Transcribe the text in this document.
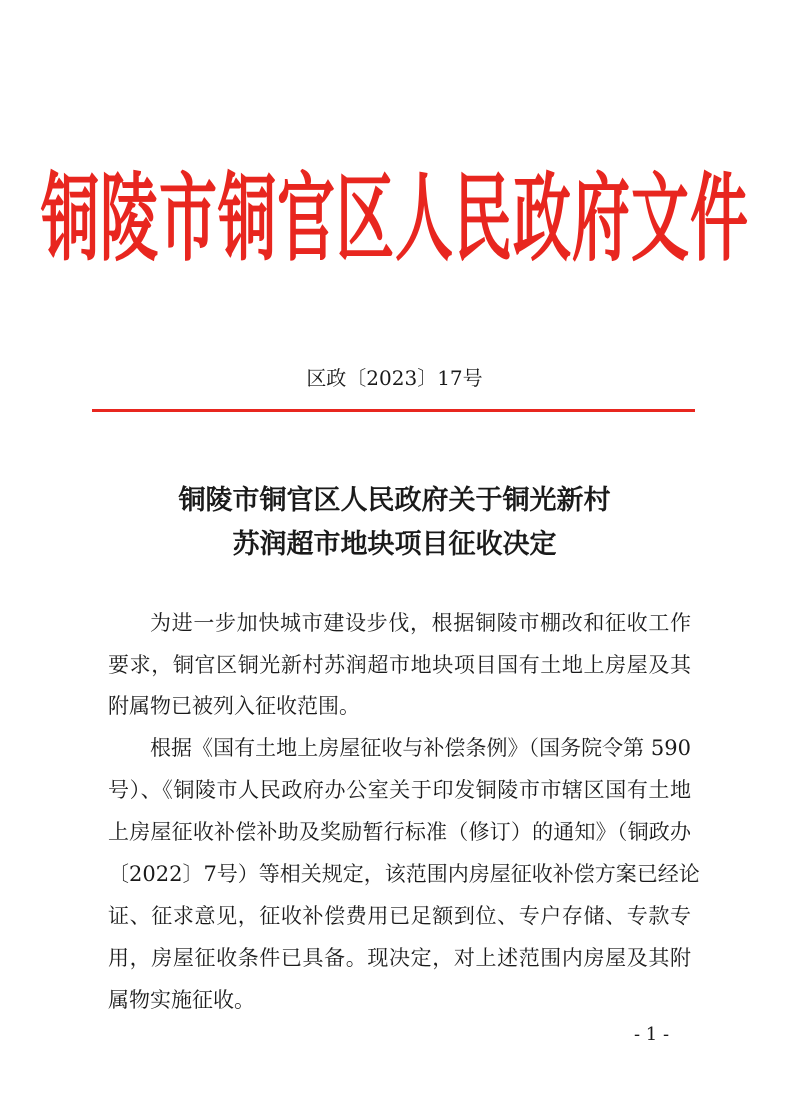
铜陵市铜官区人民政府文件
区政〔2023〕17号
铜陵市铜官区人民政府关于铜光新村
苏润超市地块项目征收决定
为进一步加快城市建设步伐，根据铜陵市棚改和征收工作
要求，铜官区铜光新村苏润超市地块项目国有土地上房屋及其
附属物已被列入征收范围。
根据《国有土地上房屋征收与补偿条例》（国务院令第 590
号）、《铜陵市人民政府办公室关于印发铜陵市市辖区国有土地
上房屋征收补偿补助及奖励暂行标准（修订）的通知》（铜政办
〔2022〕7号）等相关规定，该范围内房屋征收补偿方案已经论
证、征求意见，征收补偿费用已足额到位、专户存储、专款专
用，房屋征收条件已具备。现决定，对上述范围内房屋及其附
属物实施征收。
- 1 -
